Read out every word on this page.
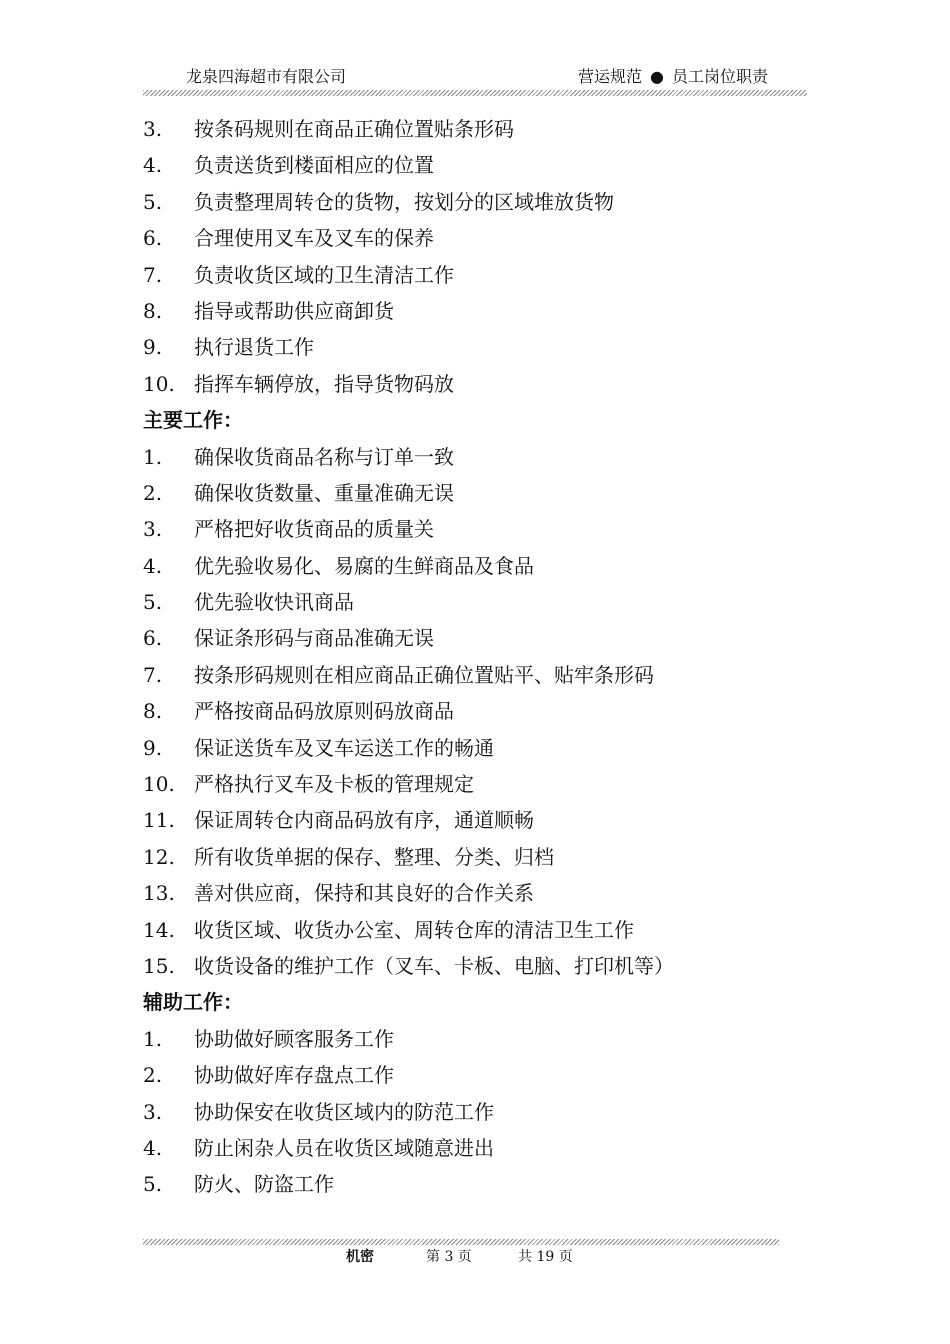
龙泉四海超市有限公司	营运规范 ● 员工岗位职责
3.	按条码规则在商品正确位置贴条形码
4.	负责送货到楼面相应的位置
5.	负责整理周转仓的货物，按划分的区域堆放货物
6.	合理使用叉车及叉车的保养
7.	负责收货区域的卫生清洁工作
8.	指导或帮助供应商卸货
9.	执行退货工作
10. 指挥车辆停放，指导货物码放
主要工作：
1.	确保收货商品名称与订单一致
2.	确保收货数量、重量准确无误
3.	严格把好收货商品的质量关
4.	优先验收易化、易腐的生鲜商品及食品
5.	优先验收快讯商品
6.	保证条形码与商品准确无误
7.	按条形码规则在相应商品正确位置贴平、贴牢条形码
8.	严格按商品码放原则码放商品
9.	保证送货车及叉车运送工作的畅通
10. 严格执行叉车及卡板的管理规定
11. 保证周转仓内商品码放有序，通道顺畅
12. 所有收货单据的保存、整理、分类、归档
13. 善对供应商，保持和其良好的合作关系
14. 收货区域、收货办公室、周转仓库的清洁卫生工作
15. 收货设备的维护工作（叉车、卡板、电脑、打印机等）
辅助工作：
1.	协助做好顾客服务工作
2.	协助做好库存盘点工作
3.	协助保安在收货区域内的防范工作
4.	防止闲杂人员在收货区域随意进出
5.	防火、防盗工作
机密	第 3 页	共 19 页
